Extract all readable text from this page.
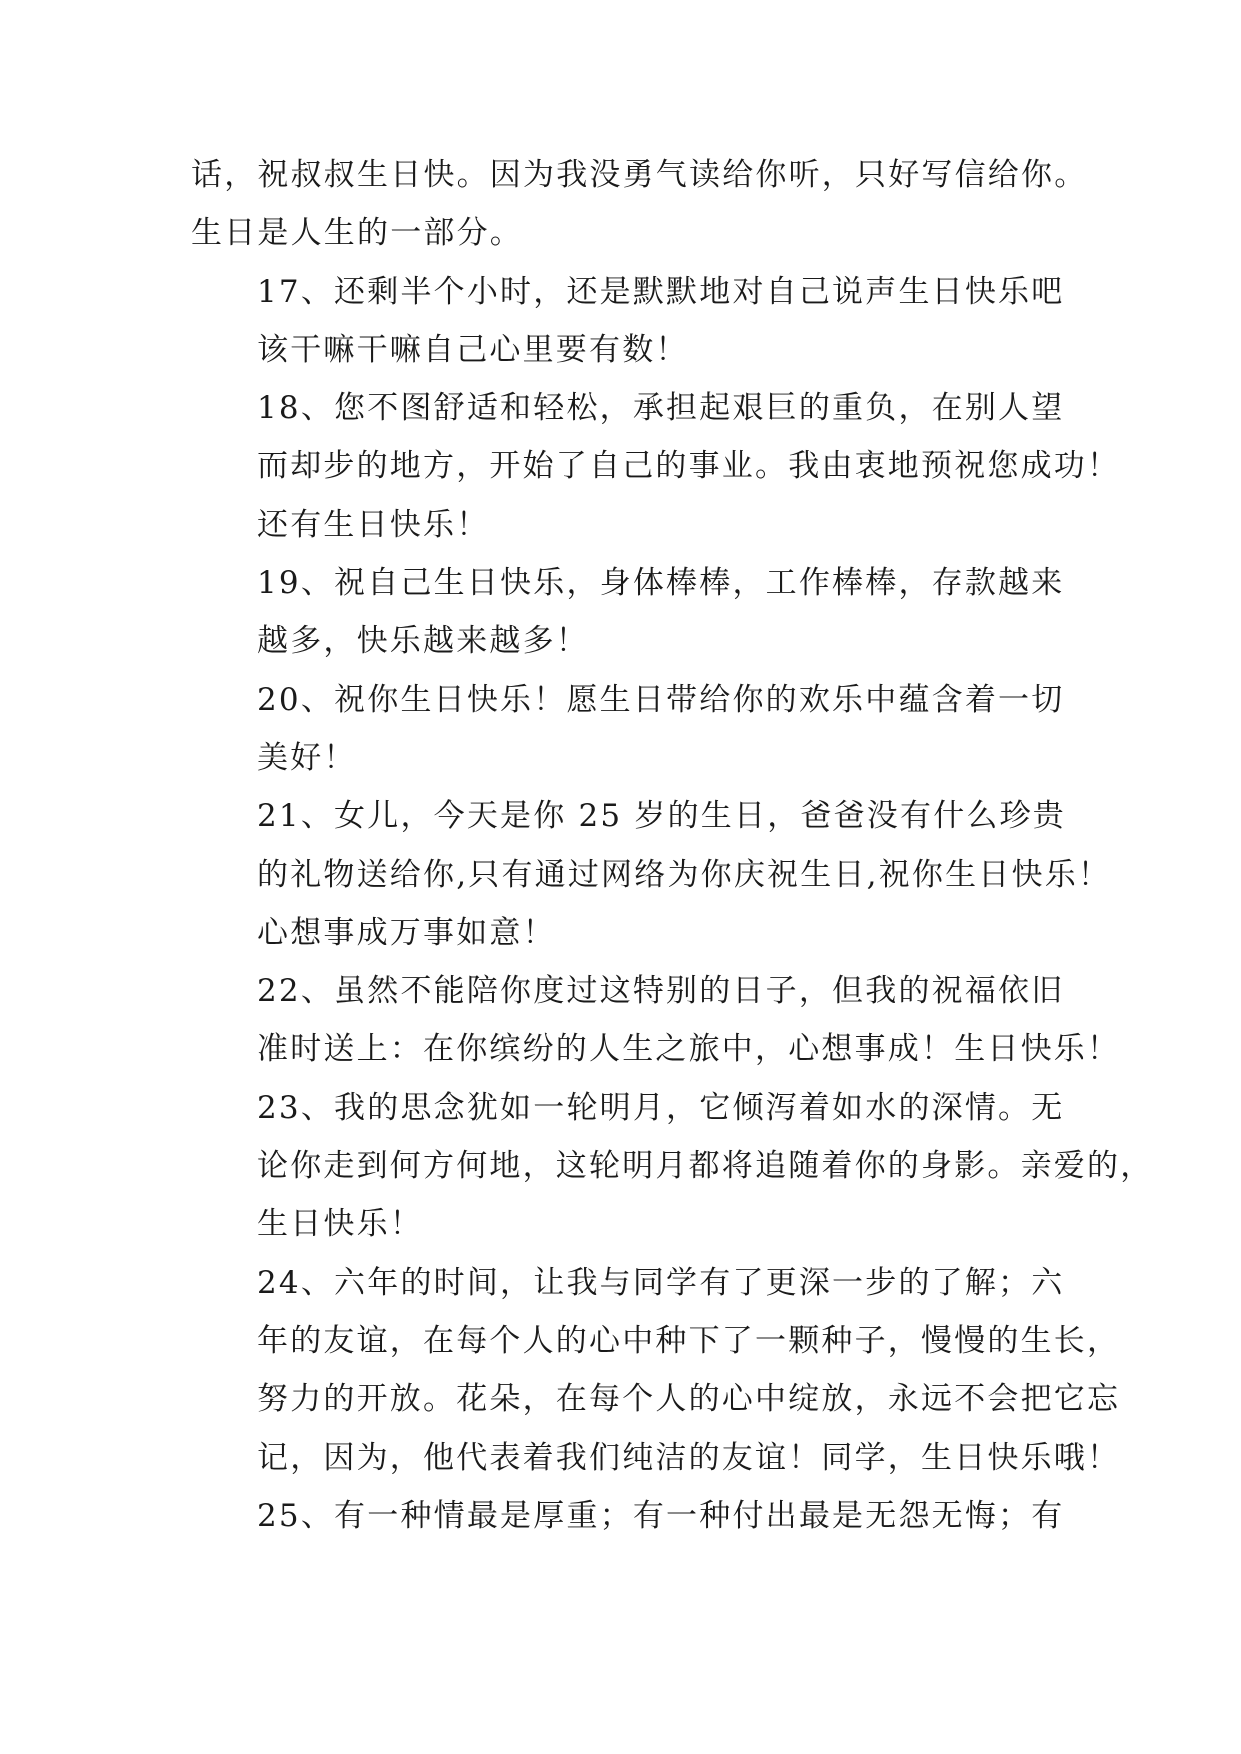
话，祝叔叔生日快。因为我没勇气读给你听，只好写信给你。
生日是人生的一部分。
17、还剩半个小时，还是默默地对自己说声生日快乐吧
该干嘛干嘛自己心里要有数！
18、您不图舒适和轻松，承担起艰巨的重负，在别人望
而却步的地方，开始了自己的事业。我由衷地预祝您成功！
还有生日快乐！
19、祝自己生日快乐，身体棒棒，工作棒棒，存款越来
越多，快乐越来越多！
20、祝你生日快乐！愿生日带给你的欢乐中蕴含着一切
美好！
21、女儿，今天是你 25 岁的生日，爸爸没有什么珍贵
的礼物送给你,只有通过网络为你庆祝生日,祝你生日快乐！
心想事成万事如意！
22、虽然不能陪你度过这特别的日子，但我的祝福依旧
准时送上：在你缤纷的人生之旅中，心想事成！生日快乐！
23、我的思念犹如一轮明月，它倾泻着如水的深情。无
论你走到何方何地，这轮明月都将追随着你的身影。亲爱的，
生日快乐！
24、六年的时间，让我与同学有了更深一步的了解；六
年的友谊，在每个人的心中种下了一颗种子，慢慢的生长，
努力的开放。花朵，在每个人的心中绽放，永远不会把它忘
记，因为，他代表着我们纯洁的友谊！同学，生日快乐哦！
25、有一种情最是厚重；有一种付出最是无怨无悔；有
